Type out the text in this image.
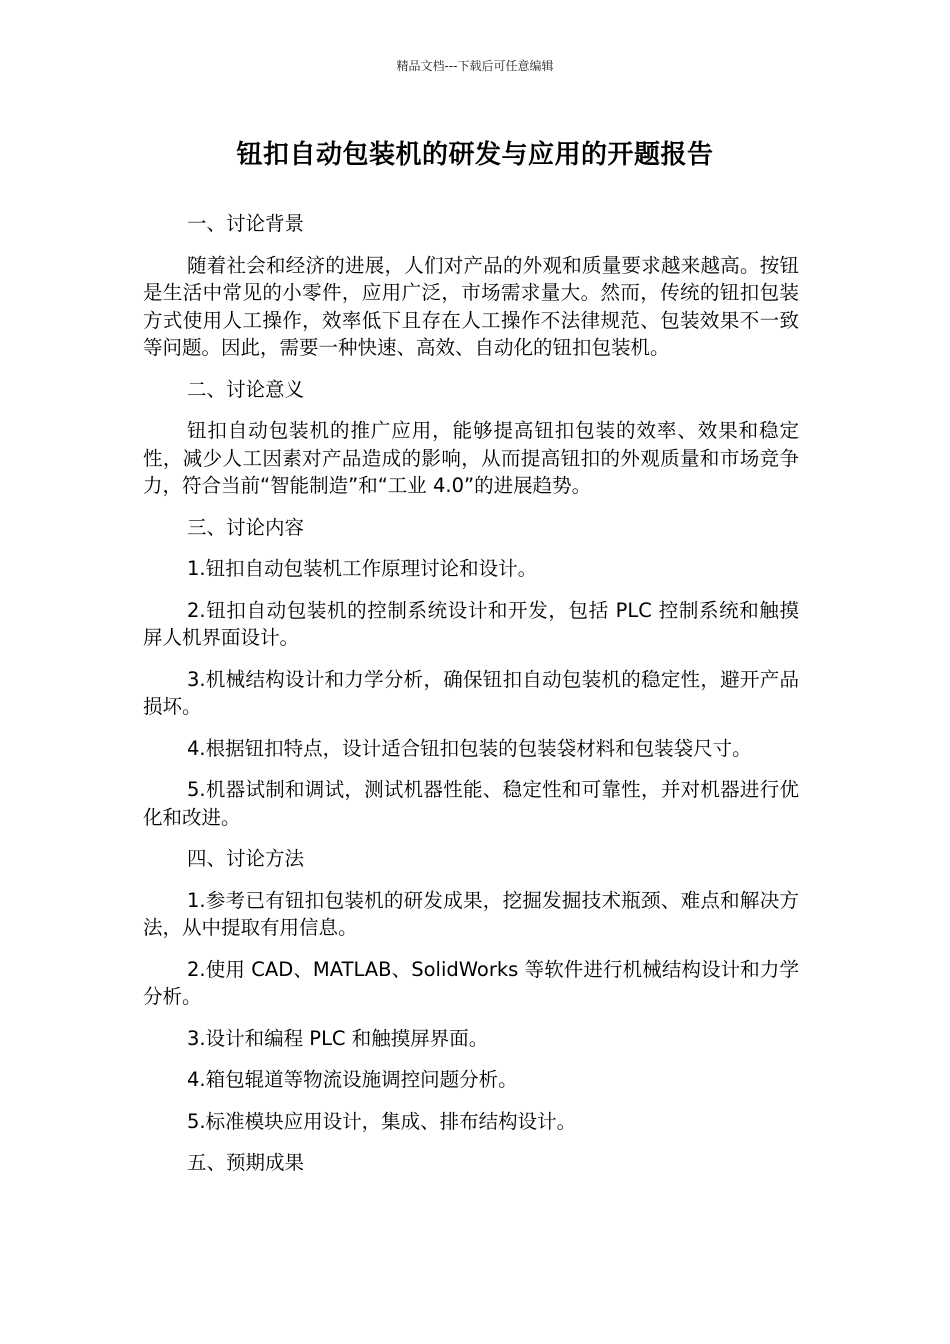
精品文档---下载后可任意编辑
钮扣自动包装机的研发与应用的开题报告

一、讨论背景

随着社会和经济的进展，人们对产品的外观和质量要求越来越高。按钮是生活中常见的小零件，应用广泛，市场需求量大。然而，传统的钮扣包装方式使用人工操作，效率低下且存在人工操作不法律规范、包装效果不一致等问题。因此，需要一种快速、高效、自动化的钮扣包装机。

二、讨论意义

钮扣自动包装机的推广应用，能够提高钮扣包装的效率、效果和稳定性，减少人工因素对产品造成的影响，从而提高钮扣的外观质量和市场竞争力，符合当前“智能制造”和“工业 4.0”的进展趋势。

三、讨论内容

1.钮扣自动包装机工作原理讨论和设计。

2.钮扣自动包装机的控制系统设计和开发，包括 PLC 控制系统和触摸屏人机界面设计。

3.机械结构设计和力学分析，确保钮扣自动包装机的稳定性，避开产品损坏。

4.根据钮扣特点，设计适合钮扣包装的包装袋材料和包装袋尺寸。

5.机器试制和调试，测试机器性能、稳定性和可靠性，并对机器进行优化和改进。

四、讨论方法

1.参考已有钮扣包装机的研发成果，挖掘发掘技术瓶颈、难点和解决方法，从中提取有用信息。

2.使用 CAD、MATLAB、SolidWorks 等软件进行机械结构设计和力学分析。

3.设计和编程 PLC 和触摸屏界面。

4.箱包辊道等物流设施调控问题分析。

5.标准模块应用设计，集成、排布结构设计。

五、预期成果
